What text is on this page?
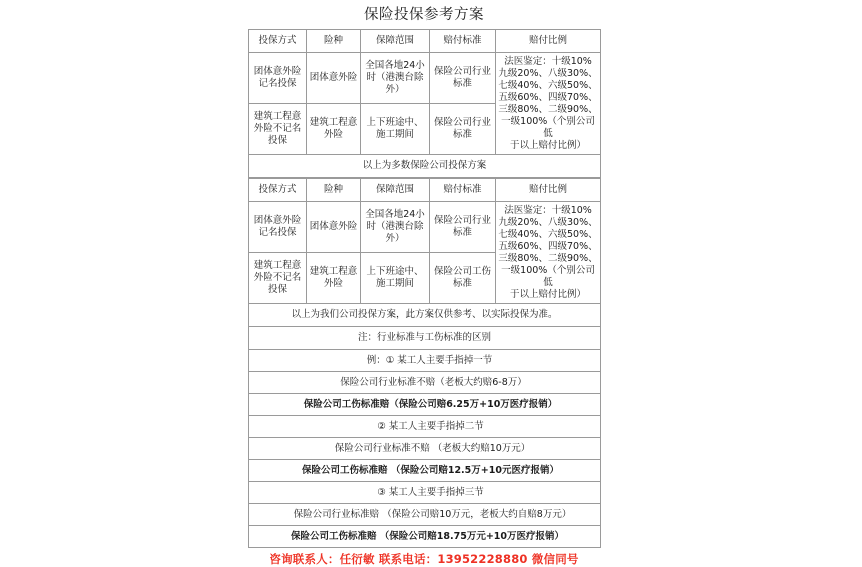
保险投保参考方案
投保方式	险种	保障范围	赔付标准	赔付比例
团体意外险记名投保	团体意外险	全国各地24小时（港澳台除外）	保险公司行业标准	法医鉴定：十级10%
九级20%、八级30%、
七级40%、六级50%、
五级60%、四级70%、
三级80%、二级90%、
一级100%（个别公司低
于以上赔付比例）

建筑工程意外险不记名投保	建筑工程意外险	上下班途中、施工期间	保险公司行业标准	
以上为多数保险公司投保方案				
投保方式	险种	保障范围	赔付标准	赔付比例
团体意外险记名投保	团体意外险	全国各地24小时（港澳台除外）	保险公司行业标准	法医鉴定：十级10%
九级20%、八级30%、
七级40%、六级50%、
五级60%、四级70%、
三级80%、二级90%、
一级100%（个别公司低
于以上赔付比例）

建筑工程意外险不记名投保	建筑工程意外险	上下班途中、施工期间	保险公司工伤标准	
以上为我们公司投保方案，此方案仅供参考、以实际投保为准。				
注：行业标准与工伤标准的区别				
例：① 某工人主要手指掉一节				
保险公司行业标准不赔（老板大约赔6-8万）				
保险公司工伤标准赔（保险公司赔6.25万+10万医疗报销）				
② 某工人主要手指掉二节				
保险公司行业标准不赔 （老板大约赔10万元）				
保险公司工伤标准赔 （保险公司赔12.5万+10元医疗报销）				
③ 某工人主要手指掉三节				
保险公司行业标准赔 （保险公司赔10万元，老板大约自赔8万元）				
保险公司工伤标准赔 （保险公司赔18.75万元+10万医疗报销）				
咨询联系人：任衍敏 联系电话：13952228880 微信同号
